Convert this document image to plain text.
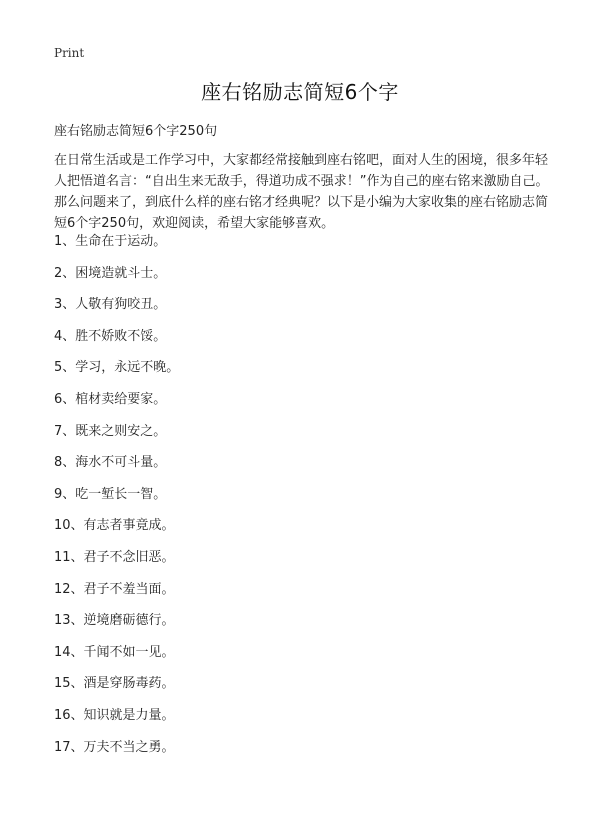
Print
座右铭励志简短6个字
座右铭励志简短6个字250句

在日常生活或是工作学习中，大家都经常接触到座右铭吧，面对人生的困境，很多年轻人把悟道名言：“自出生来无敌手，得道功成不强求！”作为自己的座右铭来激励自己。那么问题来了，到底什么样的座右铭才经典呢？以下是小编为大家收集的座右铭励志简短6个字250句，欢迎阅读，希望大家能够喜欢。

1、生命在于运动。
2、困境造就斗士。
3、人敬有狗咬丑。
4、胜不娇败不馁。
5、学习，永远不晚。
6、棺材卖给要家。
7、既来之则安之。
8、海水不可斗量。
9、吃一堑长一智。
10、有志者事竟成。
11、君子不念旧恶。
12、君子不羞当面。
13、逆境磨砺德行。
14、千闻不如一见。
15、酒是穿肠毒药。
16、知识就是力量。
17、万夫不当之勇。
